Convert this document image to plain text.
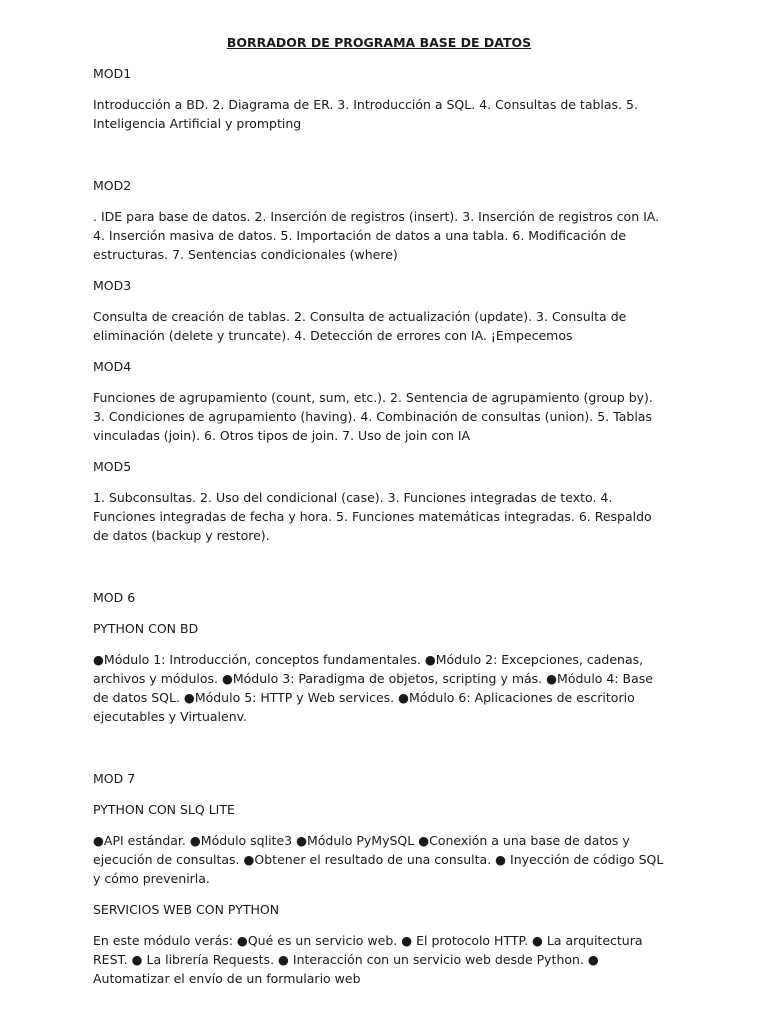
BORRADOR DE PROGRAMA BASE DE DATOS
MOD1
Introducción a BD. 2. Diagrama de ER. 3. Introducción a SQL. 4. Consultas de tablas. 5. Inteligencia Artificial y prompting
MOD2
. IDE para base de datos. 2. Inserción de registros (insert). 3. Inserción de registros con IA. 4. Inserción masiva de datos. 5. Importación de datos a una tabla. 6. Modificación de estructuras. 7. Sentencias condicionales (where)
MOD3
Consulta de creación de tablas. 2. Consulta de actualización (update). 3. Consulta de eliminación (delete y truncate). 4. Detección de errores con IA. ¡Empecemos
MOD4
Funciones de agrupamiento (count, sum, etc.). 2. Sentencia de agrupamiento (group by). 3. Condiciones de agrupamiento (having). 4. Combinación de consultas (union). 5. Tablas vinculadas (join). 6. Otros tipos de join. 7. Uso de join con IA
MOD5
1. Subconsultas. 2. Uso del condicional (case). 3. Funciones integradas de texto. 4. Funciones integradas de fecha y hora. 5. Funciones matemáticas integradas. 6. Respaldo de datos (backup y restore).
MOD 6
PYTHON CON BD
●Módulo 1: Introducción, conceptos fundamentales. ●Módulo 2: Excepciones, cadenas, archivos y módulos. ●Módulo 3: Paradigma de objetos, scripting y más. ●Módulo 4: Base de datos SQL. ●Módulo 5: HTTP y Web services. ●Módulo 6: Aplicaciones de escritorio ejecutables y Virtualenv.
MOD 7
PYTHON CON SLQ LITE
●API estándar. ●Módulo sqlite3 ●Módulo PyMySQL ●Conexión a una base de datos y ejecución de consultas. ●Obtener el resultado de una consulta. ● Inyección de código SQL y cómo prevenirla.
SERVICIOS WEB CON PYTHON
En este módulo verás: ●Qué es un servicio web. ● El protocolo HTTP. ● La arquitectura REST. ● La librería Requests. ● Interacción con un servicio web desde Python. ● Automatizar el envío de un formulario web
